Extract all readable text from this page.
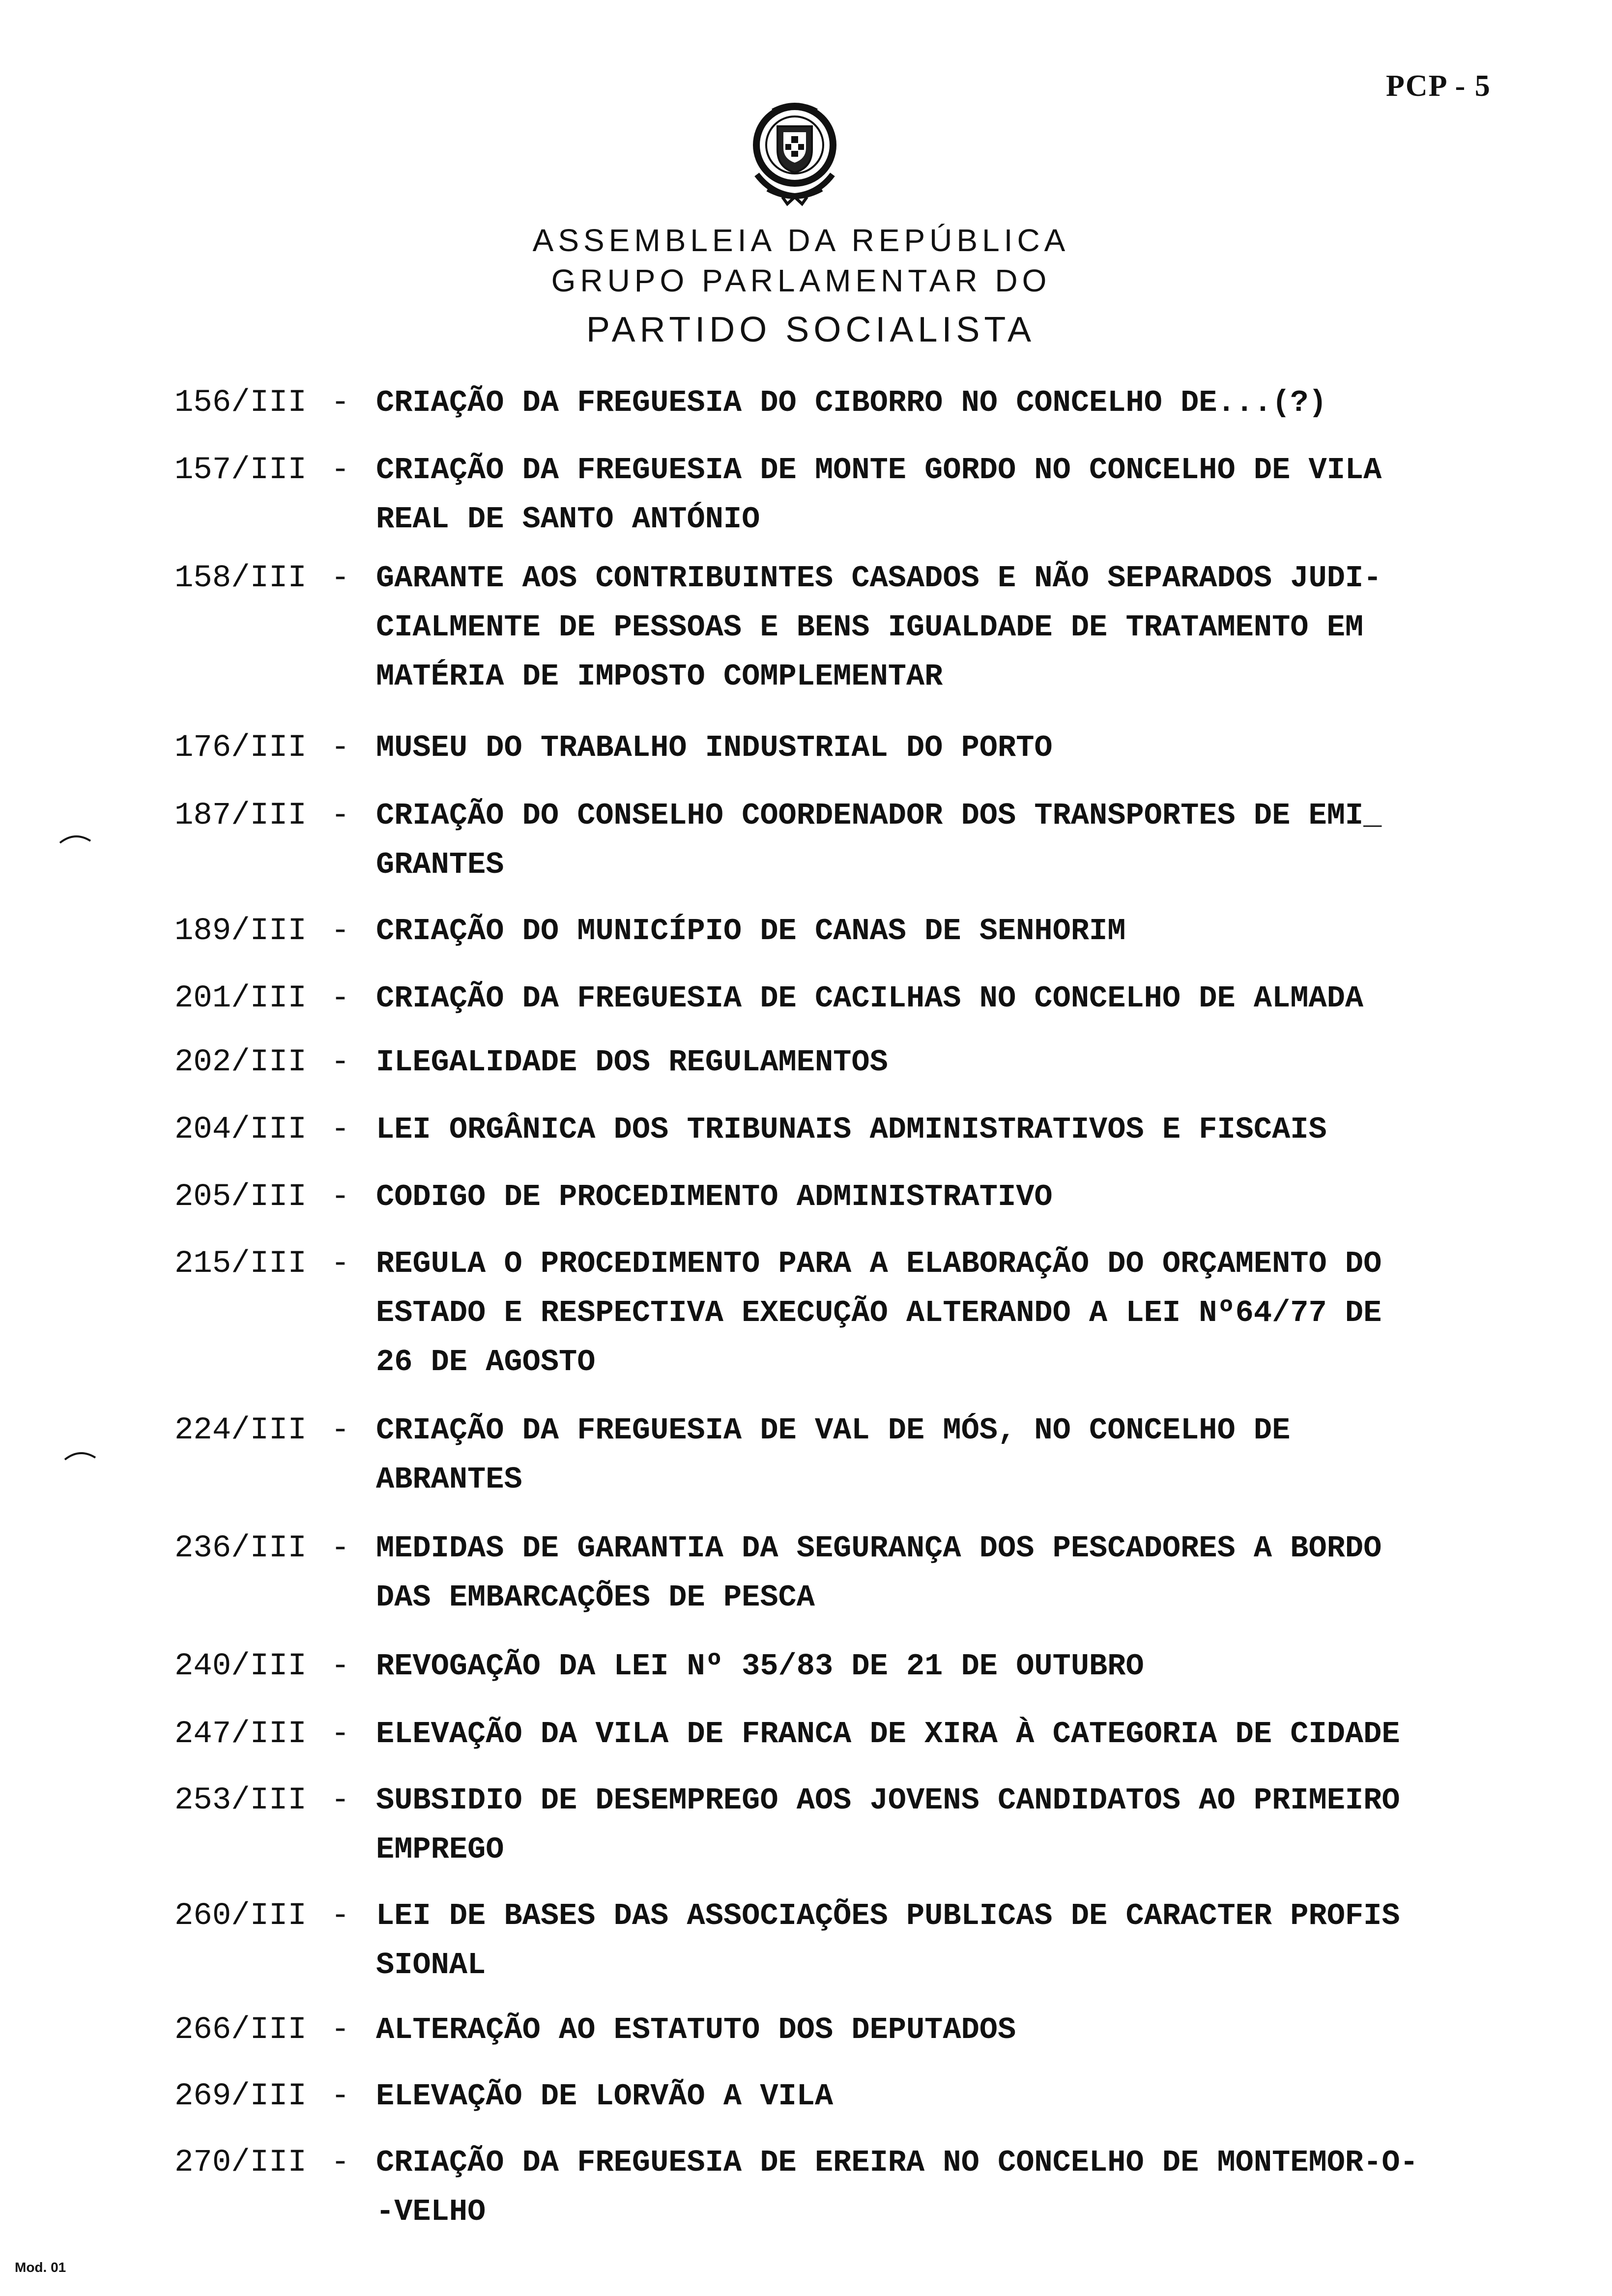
PCP - 5
ASSEMBLEIA DA REPÚBLICA
GRUPO PARLAMENTAR DO
PARTIDO SOCIALISTA
156/III - CRIAÇÃO DA FREGUESIA DO CIBORRO NO CONCELHO DE...(?)
157/III - CRIAÇÃO DA FREGUESIA DE MONTE GORDO NO CONCELHO DE VILA
REAL DE SANTO ANTÓNIO
158/III - GARANTE AOS CONTRIBUINTES CASADOS E NÃO SEPARADOS JUDI-
CIALMENTE DE PESSOAS E BENS IGUALDADE DE TRATAMENTO EM
MATÉRIA DE IMPOSTO COMPLEMENTAR
176/III - MUSEU DO TRABALHO INDUSTRIAL DO PORTO
187/III - CRIAÇÃO DO CONSELHO COORDENADOR DOS TRANSPORTES DE EMI_
GRANTES
189/III - CRIAÇÃO DO MUNICÍPIO DE CANAS DE SENHORIM
201/III - CRIAÇÃO DA FREGUESIA DE CACILHAS NO CONCELHO DE ALMADA
202/III - ILEGALIDADE DOS REGULAMENTOS
204/III - LEI ORGÂNICA DOS TRIBUNAIS ADMINISTRATIVOS E FISCAIS
205/III - CODIGO DE PROCEDIMENTO ADMINISTRATIVO
215/III - REGULA O PROCEDIMENTO PARA A ELABORAÇÃO DO ORÇAMENTO DO
ESTADO E RESPECTIVA EXECUÇÃO ALTERANDO A LEI Nº64/77 DE
26 DE AGOSTO
224/III - CRIAÇÃO DA FREGUESIA DE VAL DE MÓS, NO CONCELHO DE
ABRANTES
236/III - MEDIDAS DE GARANTIA DA SEGURANÇA DOS PESCADORES A BORDO
DAS EMBARCAÇÕES DE PESCA
240/III - REVOGAÇÃO DA LEI Nº 35/83 DE 21 DE OUTUBRO
247/III - ELEVAÇÃO DA VILA DE FRANCA DE XIRA À CATEGORIA DE CIDADE
253/III - SUBSIDIO DE DESEMPREGO AOS JOVENS CANDIDATOS AO PRIMEIRO
EMPREGO
260/III - LEI DE BASES DAS ASSOCIAÇÕES PUBLICAS DE CARACTER PROFIS
SIONAL
266/III - ALTERAÇÃO AO ESTATUTO DOS DEPUTADOS
269/III - ELEVAÇÃO DE LORVÃO A VILA
270/III - CRIAÇÃO DA FREGUESIA DE EREIRA NO CONCELHO DE MONTEMOR-O-
-VELHO
Mod. 01
